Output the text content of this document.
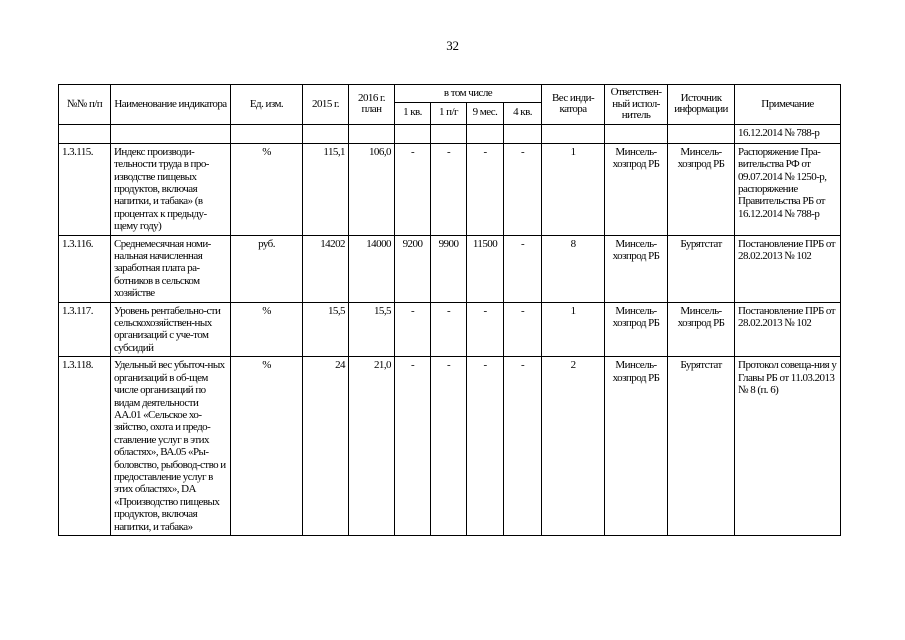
32
№№ п/п	Наименование индикатора	Ед. изм.	2015 г.	2016 г. план	в том числе				Вес инди-катора	Ответствен-ный испол-нитель	Источник информации	Примечание
					1 кв.	1 п/г	9 мес.	4 кв.				
												16.12.2014 № 788-р
1.3.115.	Индекс производи-тельности труда в про-изводстве пищевых продуктов, включая напитки, и табака» (в процентах к предыду-щему году)	%	115,1	106,0	-	-	-	-	1	Минсель-хозпрод РБ	Минсель-хозпрод РБ	Распоряжение Пра-вительства РФ от 09.07.2014 № 1250-р, распоряжение Правительства РБ от 16.12.2014 № 788-р
1.3.116.	Среднемесячная номи-нальная начисленная заработная плата ра-ботников в сельском хозяйстве	руб.	14202	14000	9200	9900	11500	-	8	Минсель-хозпрод РБ	Бурятстат	Постановление ПРБ от 28.02.2013 № 102
1.3.117.	Уровень рентабельно-сти сельскохозяйствен-ных организаций с уче-том субсидий	%	15,5	15,5	-	-	-	-	1	Минсель-хозпрод РБ	Минсель-хозпрод РБ	Постановление ПРБ от 28.02.2013 № 102
1.3.118.	Удельный вес убыточ-ных организаций в об-щем числе организаций по видам деятельности АА.01 «Сельское хо-зяйство, охота и предо-ставление услуг в этих областях», ВА.05 «Ры-боловство, рыбовод-ство и предоставление услуг в этих областях», DA «Производство пищевых продуктов, включая напитки, и табака»	%	24	21,0	-	-	-	-	2	Минсель-хозпрод РБ	Бурятстат	Протокол совеща-ния у Главы РБ от 11.03.2013 № 8 (п. 6)
